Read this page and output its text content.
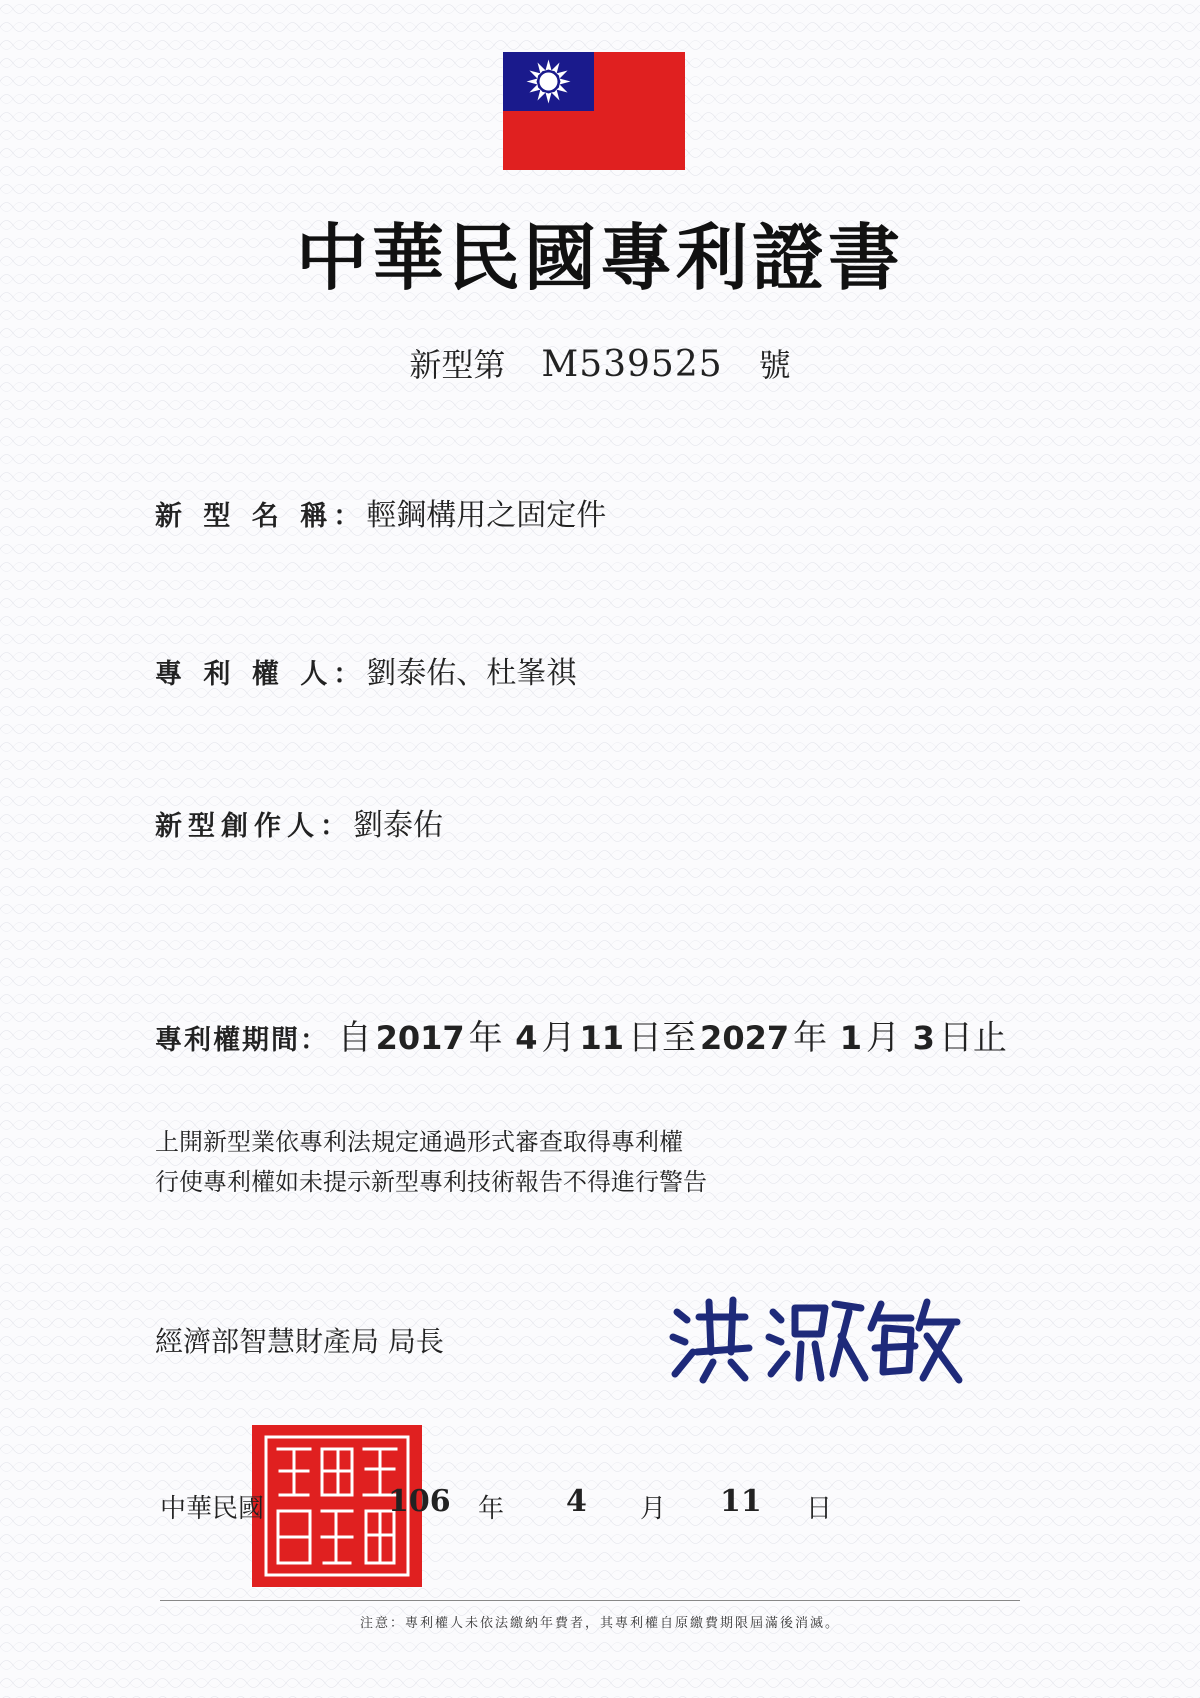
中華民國專利證書
新型第 M539525 號
新 型 名 稱：輕鋼構用之固定件
專 利 權 人：劉泰佑、杜峯祺
新型創作人：劉泰佑
專利權期間： 自 2017 年 4 月 11 日至 2027 年 1 月 3 日止
上開新型業依專利法規定通過形式審查取得專利權
行使專利權如未提示新型專利技術報告不得進行警告
經濟部智慧財產局 局長
中華民國	106 年 4 月 11 日
注意：專利權人未依法繳納年費者，其專利權自原繳費期限屆滿後消滅。
